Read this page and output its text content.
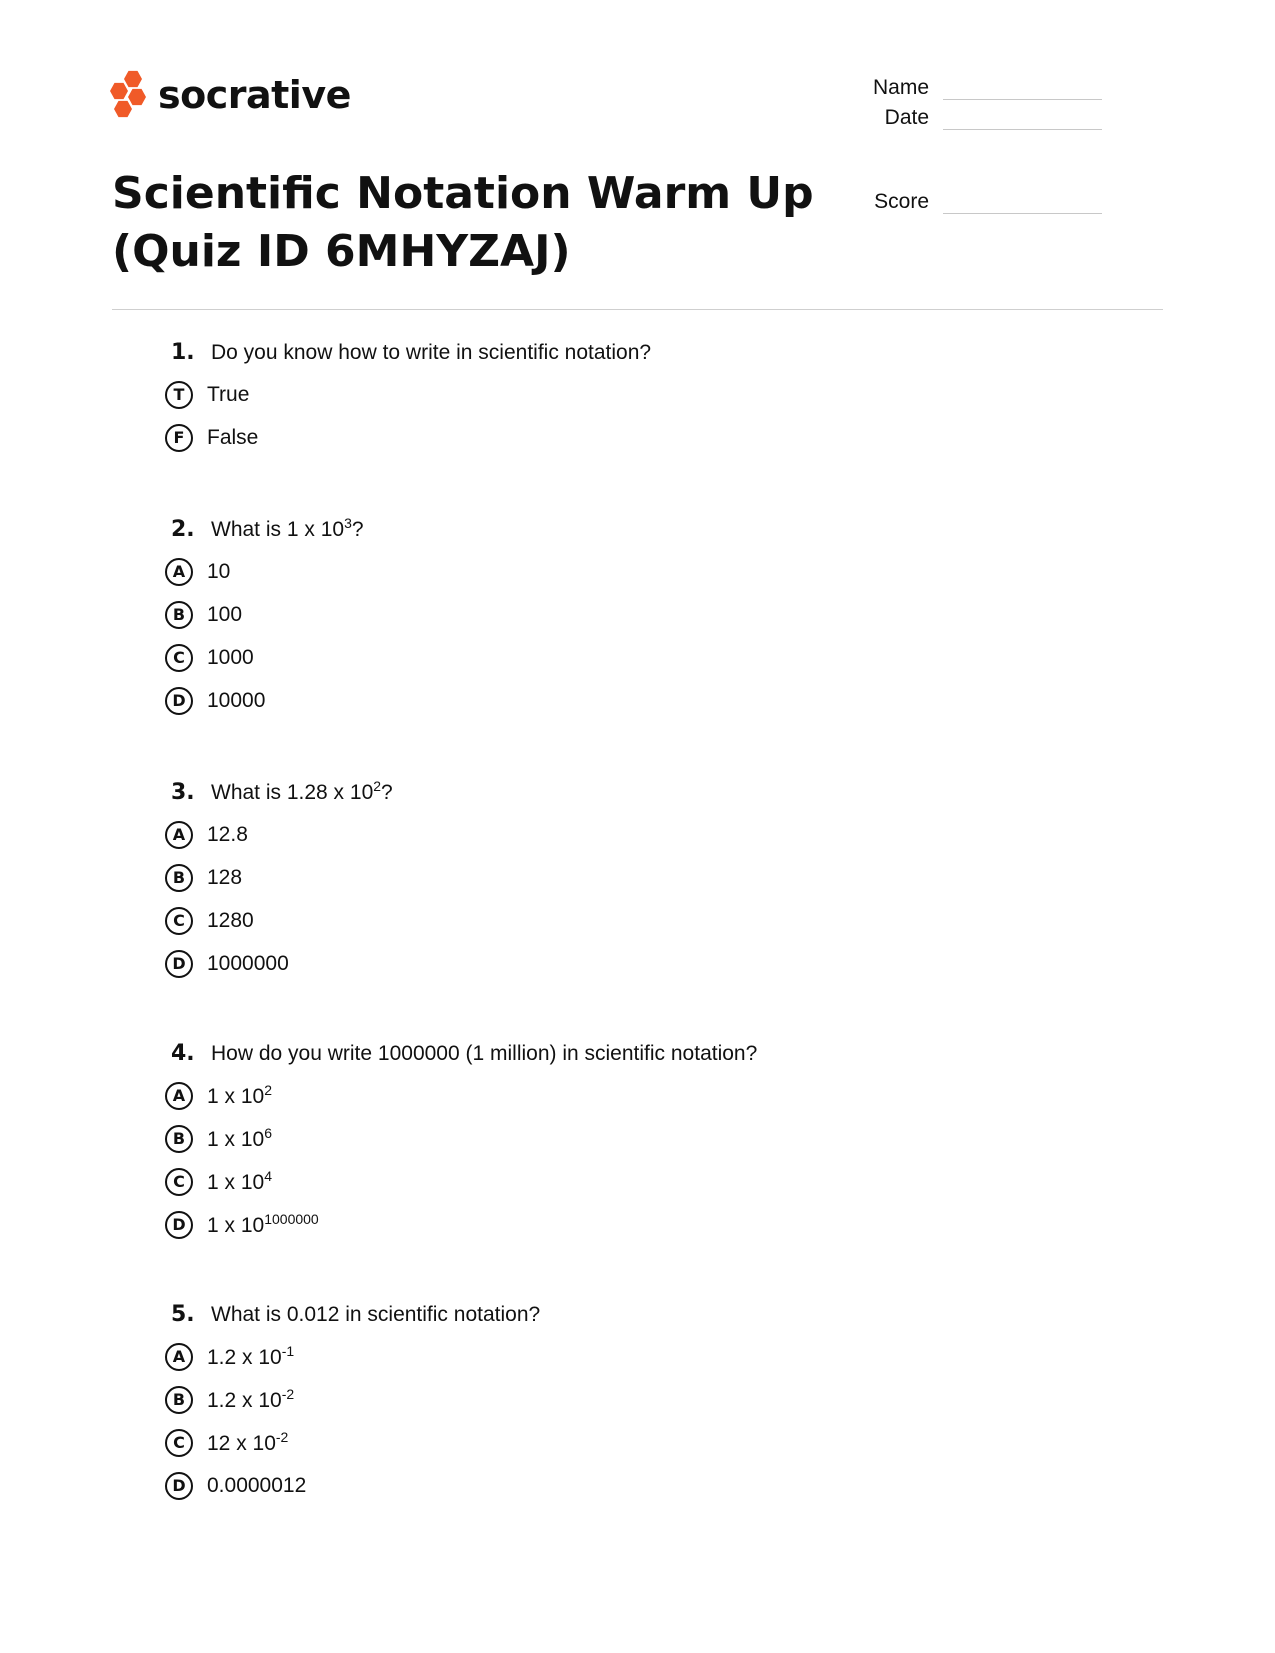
socrative	Name
Date
Score
Scientific Notation Warm Up
(Quiz ID 6MHYZAJ)
1. Do you know how to write in scientific notation?
T	True
F	False
2. What is 1 x $10^3$?
A	10
B	100
C	1000
D	10000
3. What is 1.28 x $10^2$?
A	12.8
B	128
C	1280
D	1000000
4. How do you write 1000000 (1 million) in scientific notation?
A	1 x $10^2$
B	1 x $10^6$
C	1 x $10^4$
D	1 x $10^{1000000}$
5. What is 0.012 in scientific notation?
A	1.2 x $10^{-1}$
B	1.2 x $10^{-2}$
C	12 x $10^{-2}$
D	0.0000012
